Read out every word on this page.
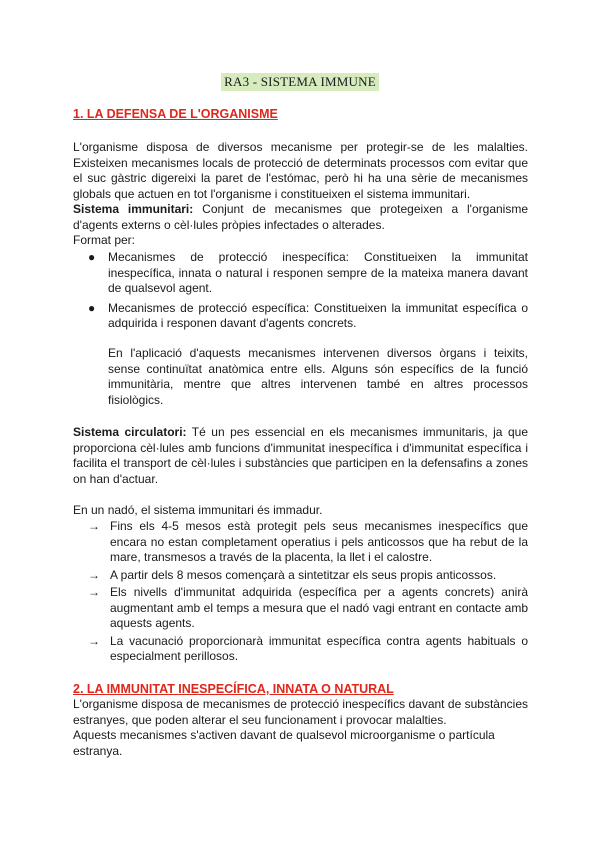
RA3 - SISTEMA IMMUNE
1. LA DEFENSA DE L'ORGANISME

L'organisme disposa de diversos mecanisme per protegir-se de les malalties. Existeixen mecanismes locals de protecció de determinats processos com evitar que el suc gàstric digereixi la paret de l'estómac, però hi ha una sèrie de mecanismes globals que actuen en tot l'organisme i constitueixen el sistema immunitari.

Sistema immunitari: Conjunt de mecanismes que protegeixen a l'organisme d'agents externs o cèl·lules pròpies infectades o alterades.

Format per:

● Mecanismes de protecció inespecífica: Constitueixen la immunitat inespecífica, innata o natural i responen sempre de la mateixa manera davant de qualsevol agent.
● Mecanismes de protecció específica: Constitueixen la immunitat específica o adquirida i responen davant d'agents concrets.

En l'aplicació d'aquests mecanismes intervenen diversos òrgans i teixits, sense continuïtat anatòmica entre ells. Alguns són específics de la funció immunitària, mentre que altres intervenen també en altres processos fisiològics.

Sistema circulatori: Té un pes essencial en els mecanismes immunitaris, ja que proporciona cèl·lules amb funcions d'immunitat inespecífica i d'immunitat específica i facilita el transport de cèl·lules i substàncies que participen en la defensafins a zones on han d'actuar.

En un nadó, el sistema immunitari és immadur.

→ Fins els 4-5 mesos està protegit pels seus mecanismes inespecífics que encara no estan completament operatius i pels anticossos que ha rebut de la mare, transmesos a través de la placenta, la llet i el calostre.
→ A partir dels 8 mesos començarà a sintetitzar els seus propis anticossos.
→ Els nivells d'immunitat adquirida (específica per a agents concrets) anirà augmentant amb el temps a mesura que el nadó vagi entrant en contacte amb aquests agents.
→ La vacunació proporcionarà immunitat específica contra agents habituals o especialment perillosos.
2. LA IMMUNITAT INESPECÍFICA, INNATA O NATURAL

L'organisme disposa de mecanismes de protecció inespecífics davant de substàncies estranyes, que poden alterar el seu funcionament i provocar malalties.

Aquests mecanismes s'activen davant de qualsevol microorganisme o partícula estranya.
